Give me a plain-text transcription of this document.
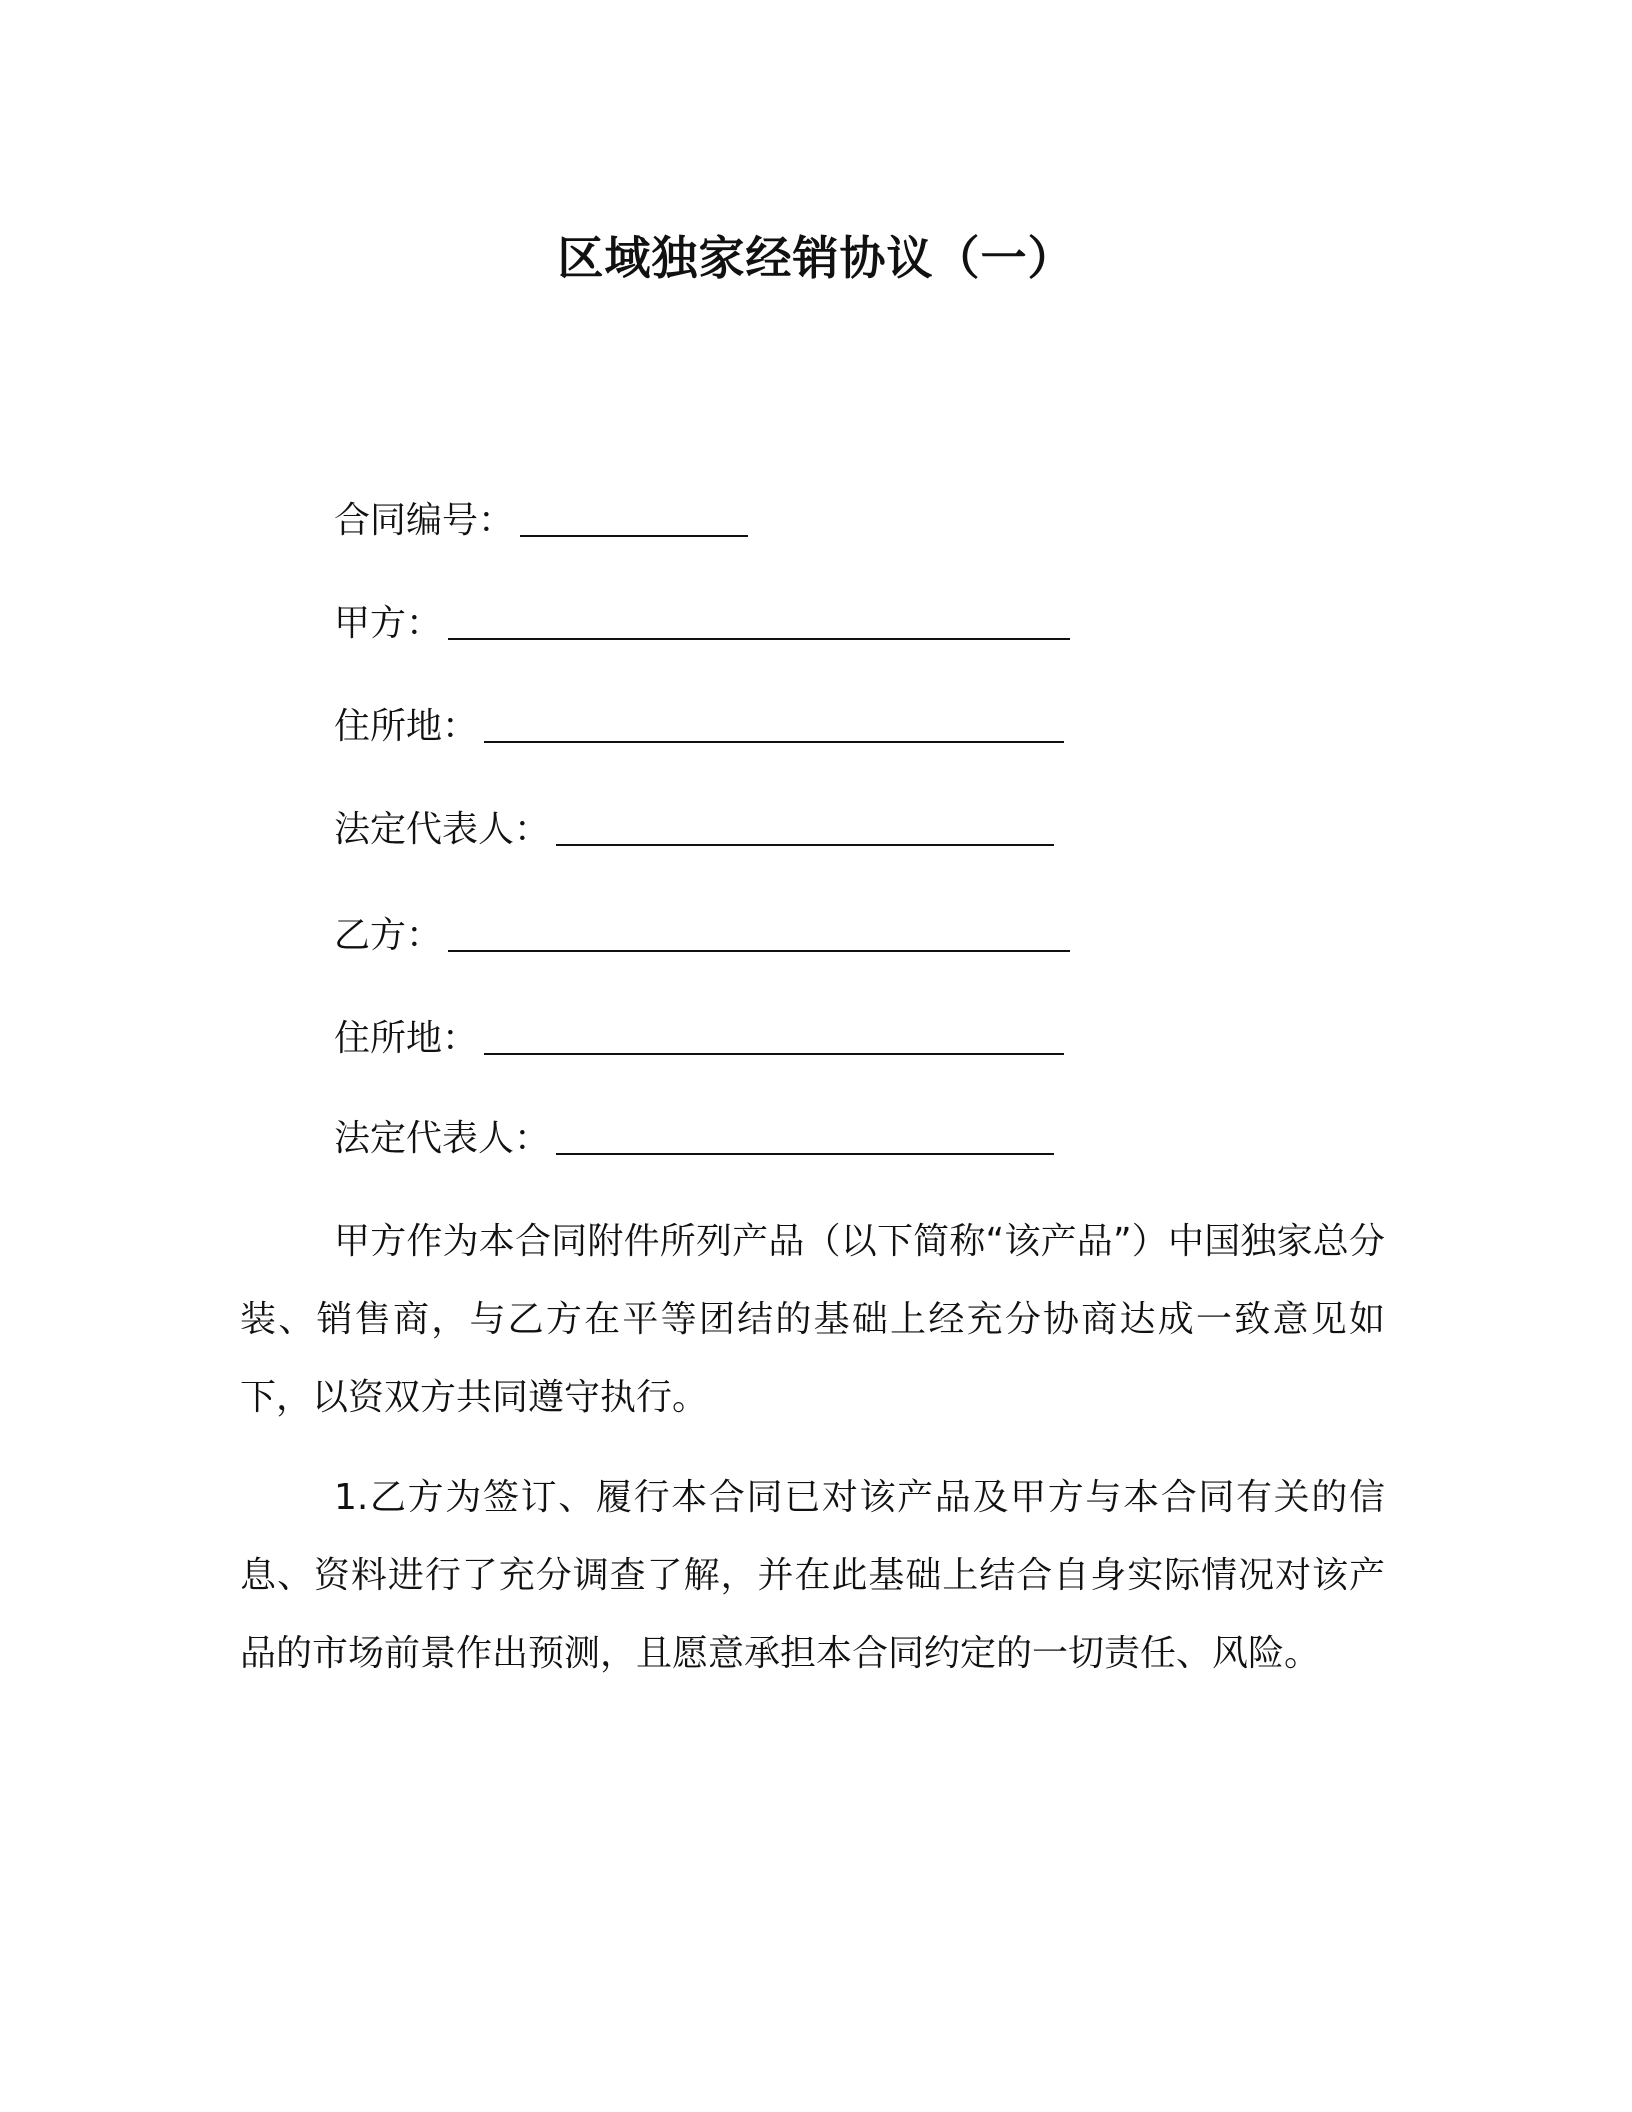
区域独家经销协议（一）
合同编号：
甲方：
住所地：
法定代表人：
乙方：
住所地：
法定代表人：

甲方作为本合同附件所列产品（以下简称“该产品”）中国独家总分装、销售商，与乙方在平等团结的基础上经充分协商达成一致意见如下，以资双方共同遵守执行。

1.乙方为签订、履行本合同已对该产品及甲方与本合同有关的信息、资料进行了充分调查了解，并在此基础上结合自身实际情况对该产品的市场前景作出预测，且愿意承担本合同约定的一切责任、风险。
